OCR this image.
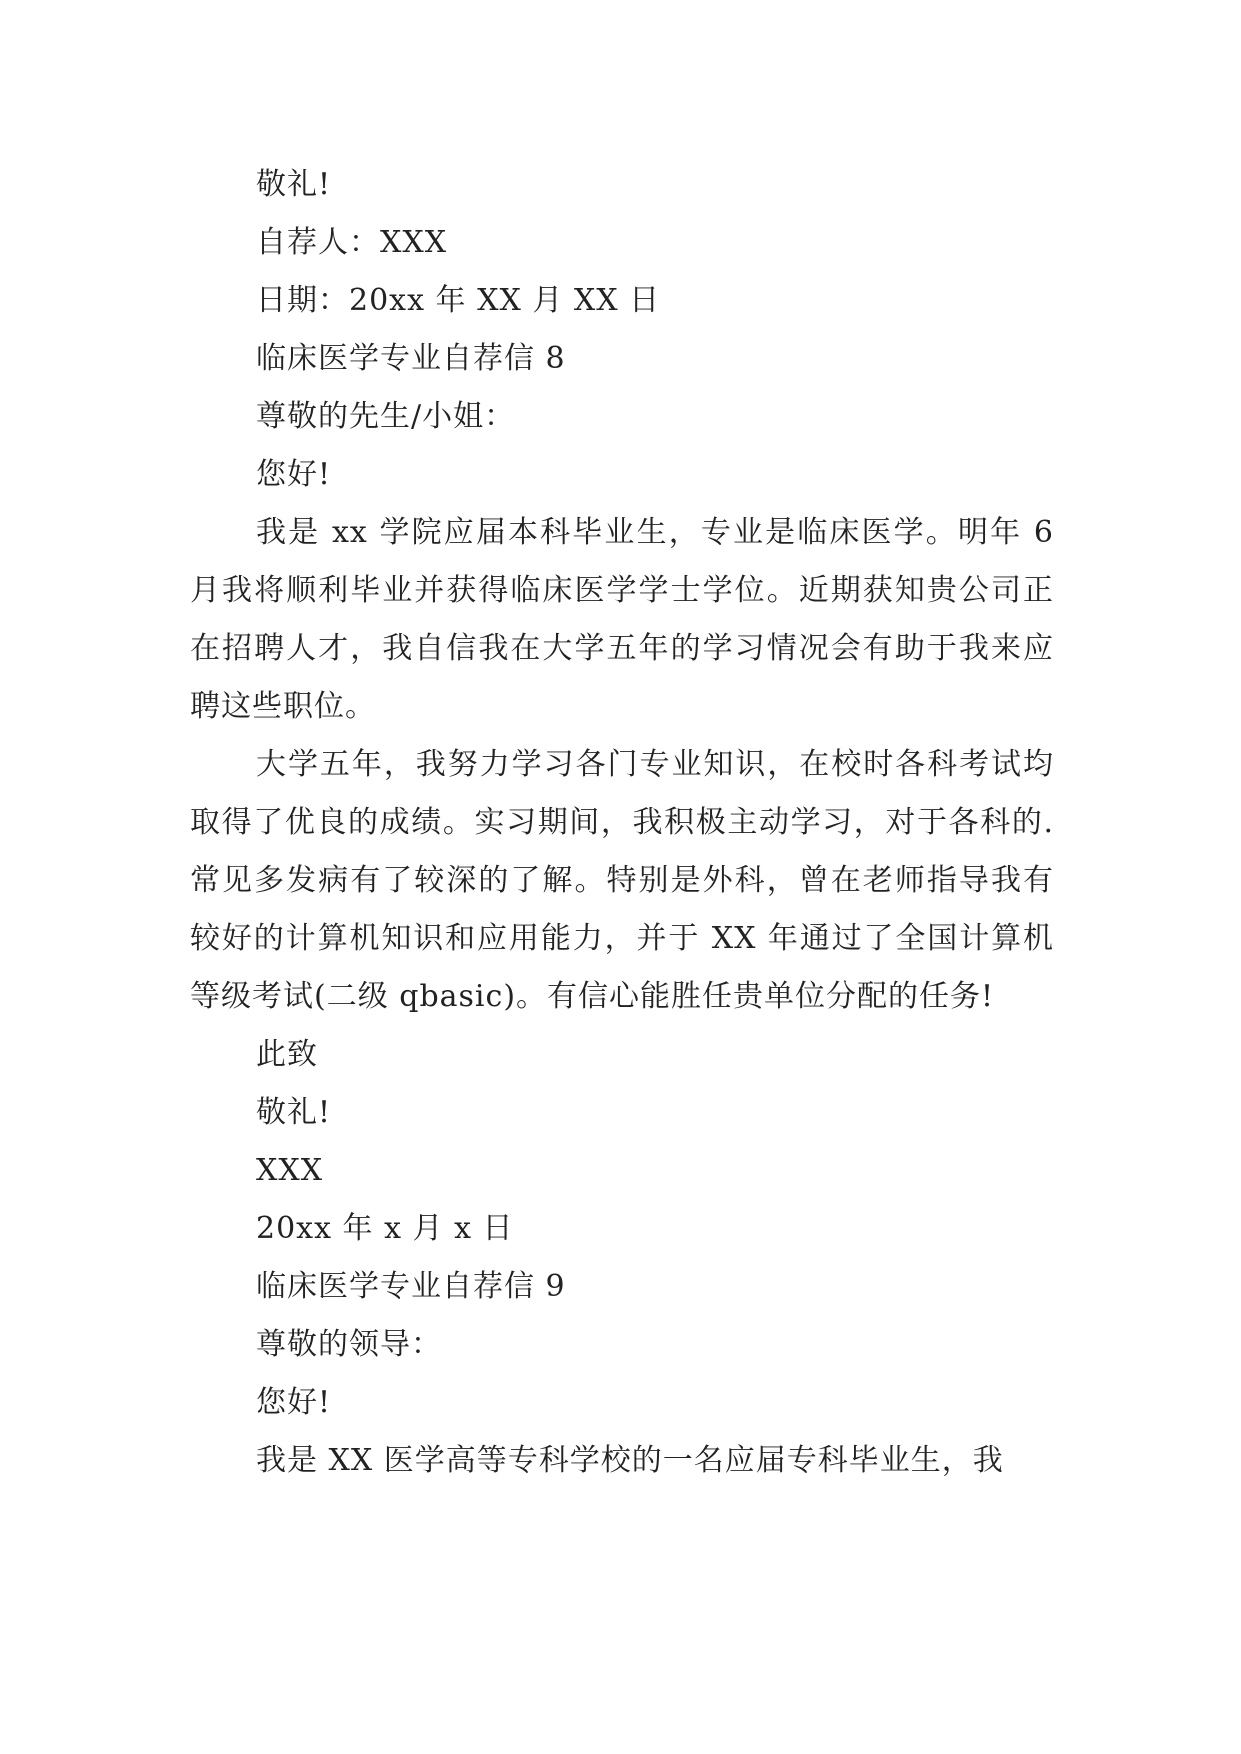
敬礼!
自荐人：XXX
日期：20xx 年 XX 月 XX 日
临床医学专业自荐信 8
尊敬的先生/小姐：
您好!

我是 xx 学院应届本科毕业生，专业是临床医学。明年 6 月我将顺利毕业并获得临床医学学士学位。近期获知贵公司正在招聘人才，我自信我在大学五年的学习情况会有助于我来应聘这些职位。

大学五年，我努力学习各门专业知识，在校时各科考试均取得了优良的成绩。实习期间，我积极主动学习，对于各科的.常见多发病有了较深的了解。特别是外科，曾在老师指导我有较好的计算机知识和应用能力，并于 XX 年通过了全国计算机等级考试(二级 qbasic)。有信心能胜任贵单位分配的任务!

此致
敬礼!
XXX
20xx 年 x 月 x 日
临床医学专业自荐信 9
尊敬的领导：
您好!

我是 XX 医学高等专科学校的一名应届专科毕业生，我
